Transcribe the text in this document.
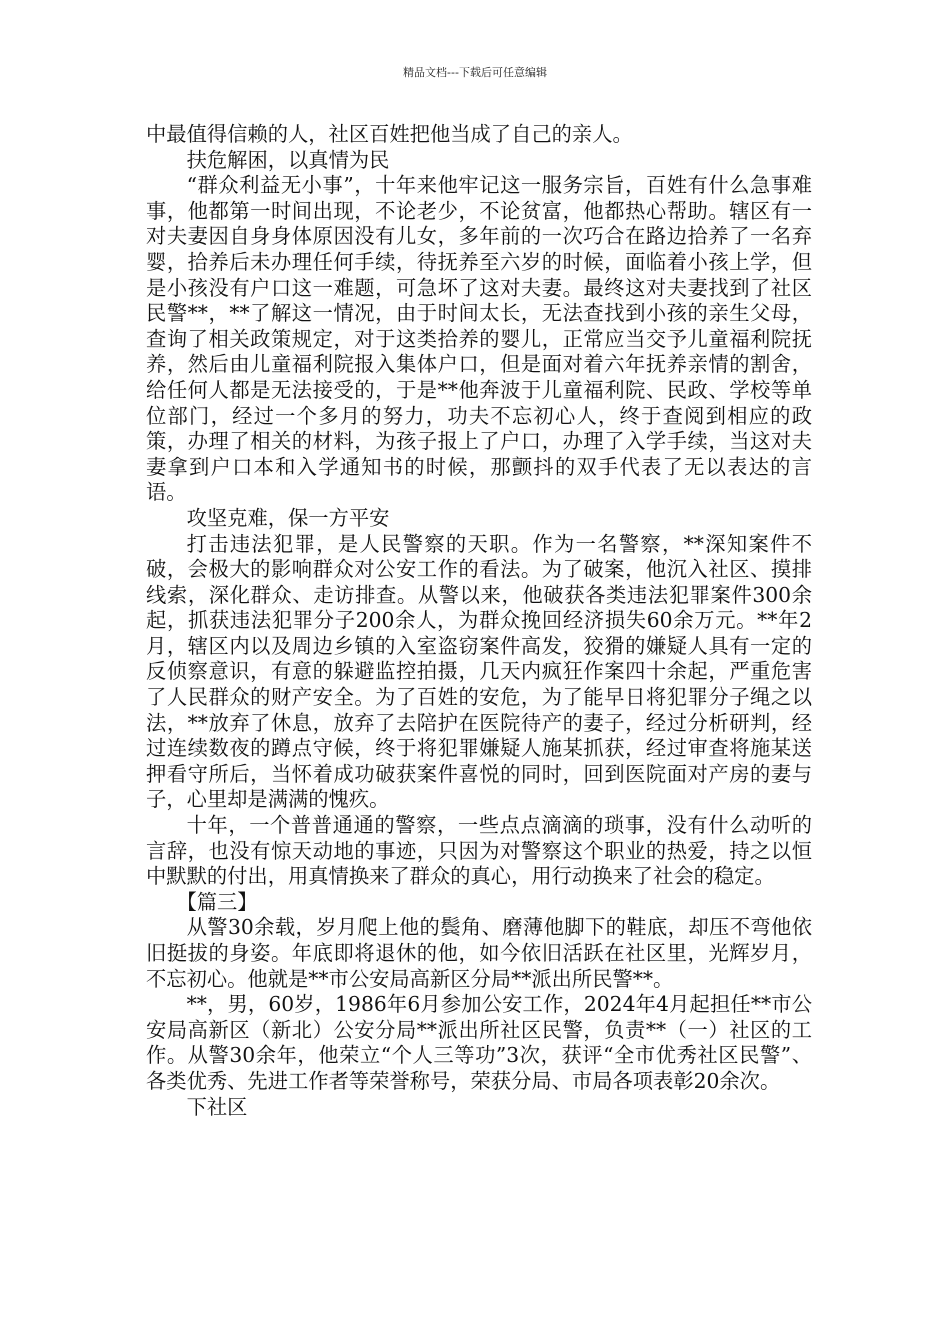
精品文档---下载后可任意编辑

中最值得信赖的人，社区百姓把他当成了自己的亲人。

扶危解困，以真情为民

“群众利益无小事”，十年来他牢记这一服务宗旨，百姓有什么急事难事，他都第一时间出现，不论老少，不论贫富，他都热心帮助。辖区有一对夫妻因自身身体原因没有儿女，多年前的一次巧合在路边拾养了一名弃婴，拾养后未办理任何手续，待抚养至六岁的时候，面临着小孩上学，但是小孩没有户口这一难题，可急坏了这对夫妻。最终这对夫妻找到了社区民警**，**了解这一情况，由于时间太长，无法查找到小孩的亲生父母，查询了相关政策规定，对于这类拾养的婴儿，正常应当交予儿童福利院抚养，然后由儿童福利院报入集体户口，但是面对着六年抚养亲情的割舍，给任何人都是无法接受的，于是**他奔波于儿童福利院、民政、学校等单位部门，经过一个多月的努力，功夫不忘初心人，终于查阅到相应的政策，办理了相关的材料，为孩子报上了户口，办理了入学手续，当这对夫妻拿到户口本和入学通知书的时候，那颤抖的双手代表了无以表达的言语。

攻坚克难，保一方平安

打击违法犯罪，是人民警察的天职。作为一名警察，**深知案件不破，会极大的影响群众对公安工作的看法。为了破案，他沉入社区、摸排线索，深化群众、走访排查。从警以来，他破获各类违法犯罪案件300余起，抓获违法犯罪分子200余人，为群众挽回经济损失60余万元。**年2月，辖区内以及周边乡镇的入室盗窃案件高发，狡猾的嫌疑人具有一定的反侦察意识，有意的躲避监控拍摄，几天内疯狂作案四十余起，严重危害了人民群众的财产安全。为了百姓的安危，为了能早日将犯罪分子绳之以法，**放弃了休息，放弃了去陪护在医院待产的妻子，经过分析研判，经过连续数夜的蹲点守候，终于将犯罪嫌疑人施某抓获，经过审查将施某送押看守所后，当怀着成功破获案件喜悦的同时，回到医院面对产房的妻与子，心里却是满满的愧疚。

十年，一个普普通通的警察，一些点点滴滴的琐事，没有什么动听的言辞，也没有惊天动地的事迹，只因为对警察这个职业的热爱，持之以恒中默默的付出，用真情换来了群众的真心，用行动换来了社会的稳定。

【篇三】

从警30余载，岁月爬上他的鬓角、磨薄他脚下的鞋底，却压不弯他依旧挺拔的身姿。年底即将退休的他，如今依旧活跃在社区里，光辉岁月，不忘初心。他就是**市公安局高新区分局**派出所民警**。

**，男，60岁，1986年6月参加公安工作，2024年4月起担任**市公安局高新区（新北）公安分局**派出所社区民警，负责**（一）社区的工作。从警30余年，他荣立“个人三等功”3次，获评“全市优秀社区民警”、各类优秀、先进工作者等荣誉称号，荣获分局、市局各项表彰20余次。

下社区
